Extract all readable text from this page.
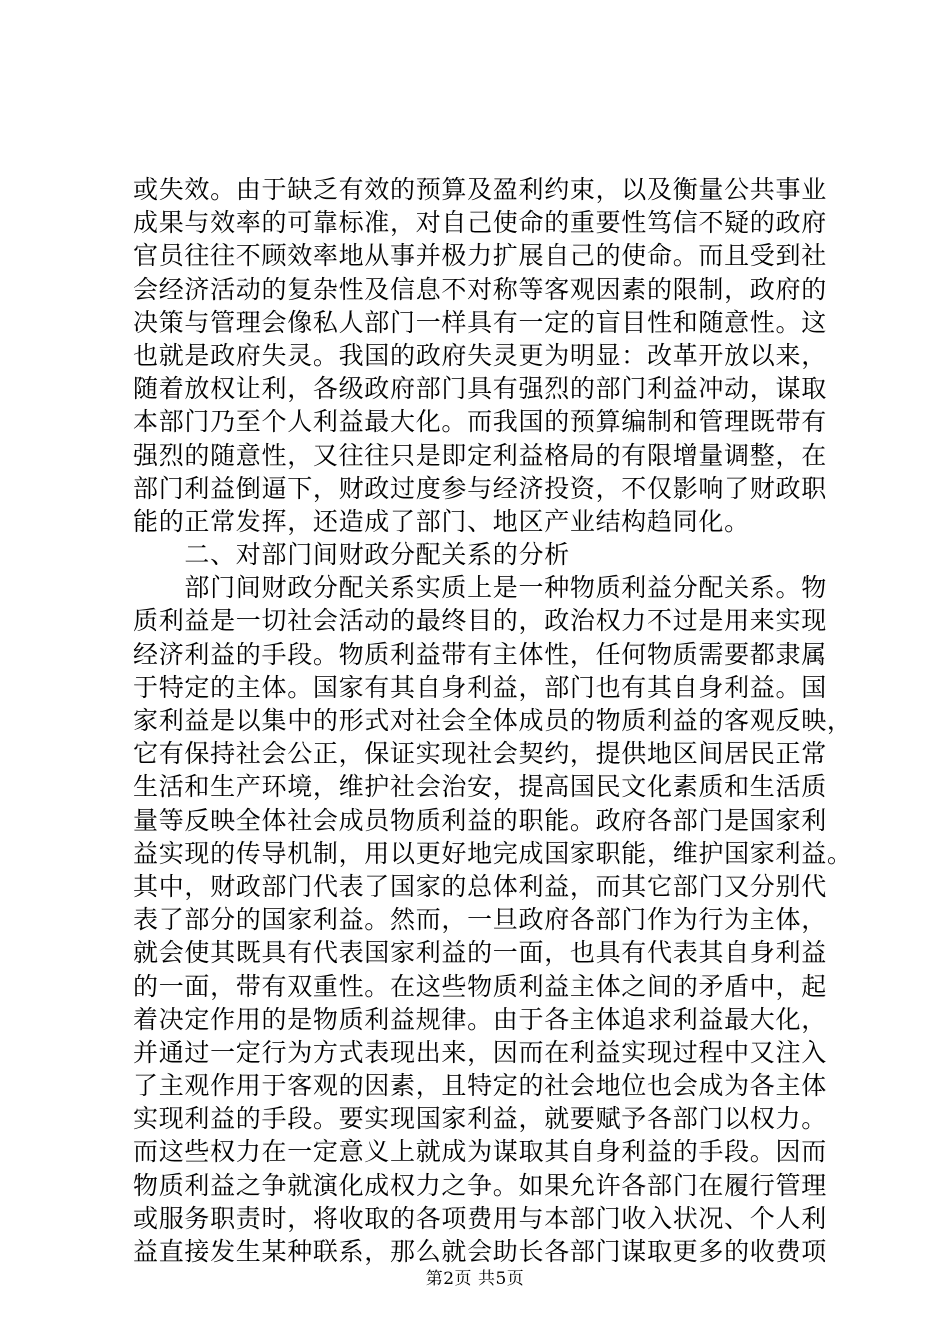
或失效。由于缺乏有效的预算及盈利约束，以及衡量公共事业
成果与效率的可靠标准，对自己使命的重要性笃信不疑的政府
官员往往不顾效率地从事并极力扩展自己的使命。而且受到社
会经济活动的复杂性及信息不对称等客观因素的限制，政府的
决策与管理会像私人部门一样具有一定的盲目性和随意性。这
也就是政府失灵。我国的政府失灵更为明显：改革开放以来，
随着放权让利，各级政府部门具有强烈的部门利益冲动，谋取
本部门乃至个人利益最大化。而我国的预算编制和管理既带有
强烈的随意性，又往往只是即定利益格局的有限增量调整，在
部门利益倒逼下，财政过度参与经济投资，不仅影响了财政职
能的正常发挥，还造成了部门、地区产业结构趋同化。
　　二、对部门间财政分配关系的分析
　　部门间财政分配关系实质上是一种物质利益分配关系。物
质利益是一切社会活动的最终目的，政治权力不过是用来实现
经济利益的手段。物质利益带有主体性，任何物质需要都隶属
于特定的主体。国家有其自身利益，部门也有其自身利益。国
家利益是以集中的形式对社会全体成员的物质利益的客观反映，
它有保持社会公正，保证实现社会契约，提供地区间居民正常
生活和生产环境，维护社会治安，提高国民文化素质和生活质
量等反映全体社会成员物质利益的职能。政府各部门是国家利
益实现的传导机制，用以更好地完成国家职能，维护国家利益。
其中，财政部门代表了国家的总体利益，而其它部门又分别代
表了部分的国家利益。然而，一旦政府各部门作为行为主体，
就会使其既具有代表国家利益的一面，也具有代表其自身利益
的一面，带有双重性。在这些物质利益主体之间的矛盾中，起
着决定作用的是物质利益规律。由于各主体追求利益最大化，
并通过一定行为方式表现出来，因而在利益实现过程中又注入
了主观作用于客观的因素，且特定的社会地位也会成为各主体
实现利益的手段。要实现国家利益，就要赋予各部门以权力。
而这些权力在一定意义上就成为谋取其自身利益的手段。因而
物质利益之争就演化成权力之争。如果允许各部门在履行管理
或服务职责时，将收取的各项费用与本部门收入状况、个人利
益直接发生某种联系，那么就会助长各部门谋取更多的收费项
第2页 共5页
